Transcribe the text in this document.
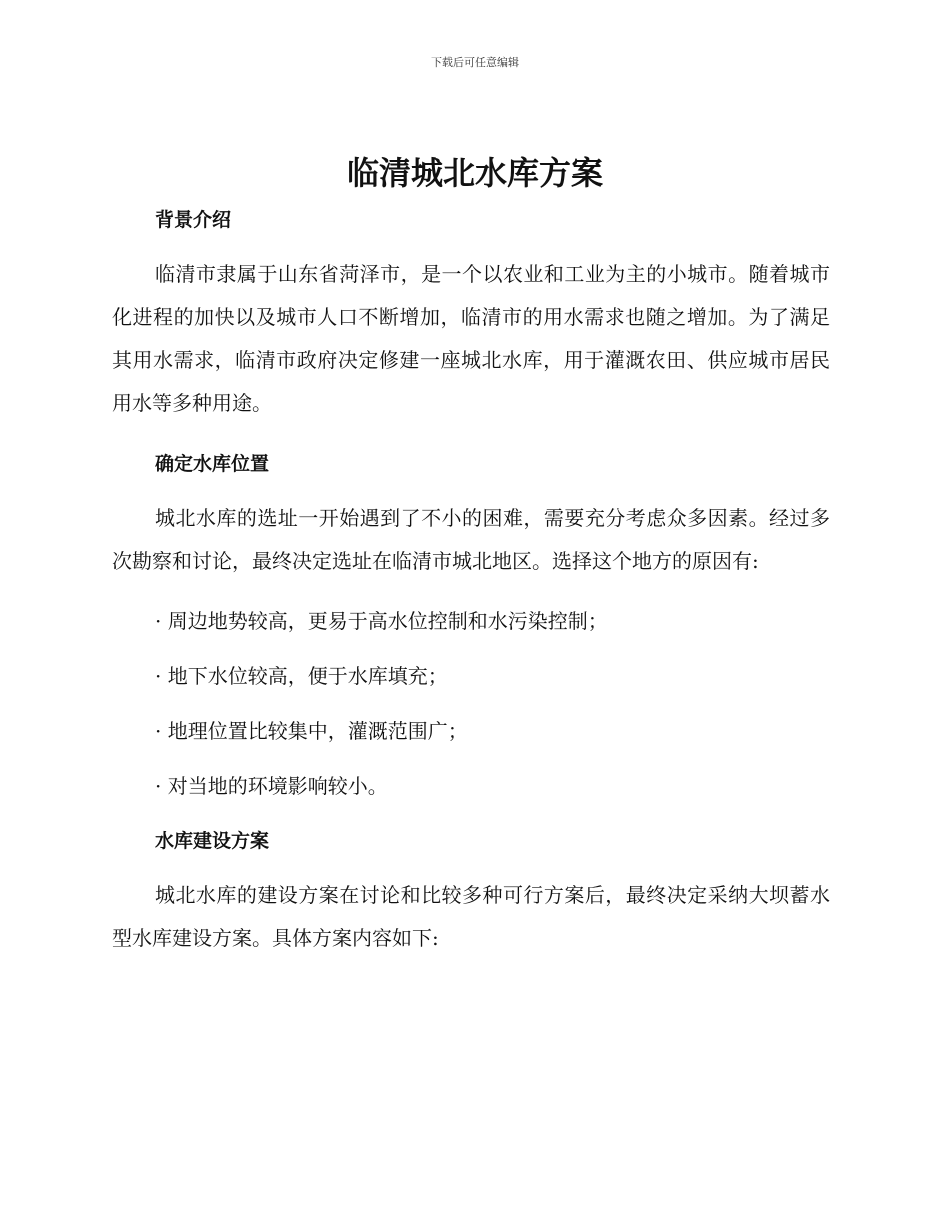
下载后可任意编辑
临清城北水库方案
背景介绍

临清市隶属于山东省菏泽市，是一个以农业和工业为主的小城市。随着城市化进程的加快以及城市人口不断增加，临清市的用水需求也随之增加。为了满足其用水需求，临清市政府决定修建一座城北水库，用于灌溉农田、供应城市居民用水等多种用途。

确定水库位置

城北水库的选址一开始遇到了不小的困难，需要充分考虑众多因素。经过多次勘察和讨论，最终决定选址在临清市城北地区。选择这个地方的原因有:

· 周边地势较高，更易于高水位控制和水污染控制；

· 地下水位较高，便于水库填充；

· 地理位置比较集中，灌溉范围广；

· 对当地的环境影响较小。

水库建设方案

城北水库的建设方案在讨论和比较多种可行方案后，最终决定采纳大坝蓄水型水库建设方案。具体方案内容如下:
